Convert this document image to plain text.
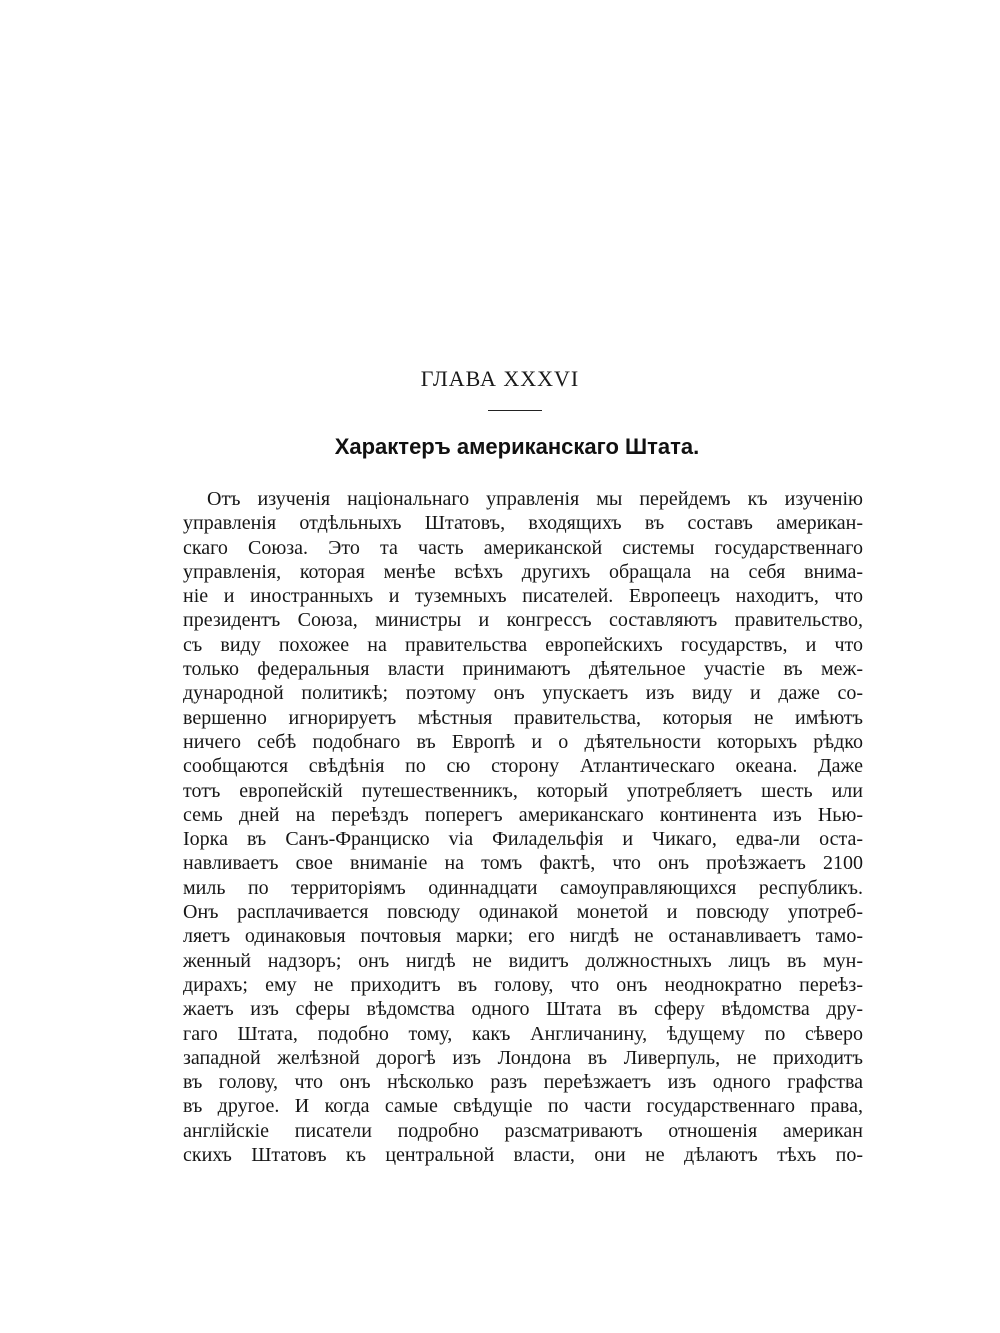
ГЛАВА XXXVI
Характеръ американскаго Штата.
Отъ изученія національнаго управленія мы перейдемъ къ изученію
управленія отдѣльныхъ Штатовъ, входящихъ въ составъ американ-
скаго Союза. Это та часть американской системы государственнаго
управленія, которая менѣе всѣхъ другихъ обращала на себя внима-
ніе и иностранныхъ и туземныхъ писателей. Европеецъ находитъ, что
президентъ Союза, министры и конгрессъ составляютъ правительство,
съ виду похожее на правительства европейскихъ государствъ, и что
только федеральныя власти принимаютъ дѣятельное участіе въ меж-
дународной политикѣ; поэтому онъ упускаетъ изъ виду и даже со-
вершенно игнорируетъ мѣстныя правительства, которыя не имѣютъ
ничего себѣ подобнаго въ Европѣ и о дѣятельности которыхъ рѣдко
сообщаются свѣдѣнія по сю сторону Атлантическаго океана. Даже
тотъ европейскій путешественникъ, который употребляетъ шесть или
семь дней на переѣздъ поперегъ американскаго континента изъ Нью-
Іорка въ Санъ-Франциско via Филадельфія и Чикаго, едва-ли оста-
навливаетъ свое вниманіе на томъ фактѣ, что онъ проѣзжаетъ 2100
миль по территоріямъ одиннадцати самоуправляющихся республикъ.
Онъ расплачивается повсюду одинакой монетой и повсюду употреб-
ляетъ одинаковыя почтовыя марки; его нигдѣ не останавливаетъ тамо-
женный надзоръ; онъ нигдѣ не видитъ должностныхъ лицъ въ мун-
дирахъ; ему не приходитъ въ голову, что онъ неоднократно переѣз-
жаетъ изъ сферы вѣдомства одного Штата въ сферу вѣдомства дру-
гаго Штата, подобно тому, какъ Англичанину, ѣдущему по сѣверо
западной желѣзной дорогѣ изъ Лондона въ Ливерпуль, не приходитъ
въ голову, что онъ нѣсколько разъ переѣзжаетъ изъ одного графства
въ другое. И когда самые свѣдущіе по части государственнаго права,
англійскіе писатели подробно разсматриваютъ отношенія американ
скихъ Штатовъ къ центральной власти, они не дѣлаютъ тѣхъ по-
